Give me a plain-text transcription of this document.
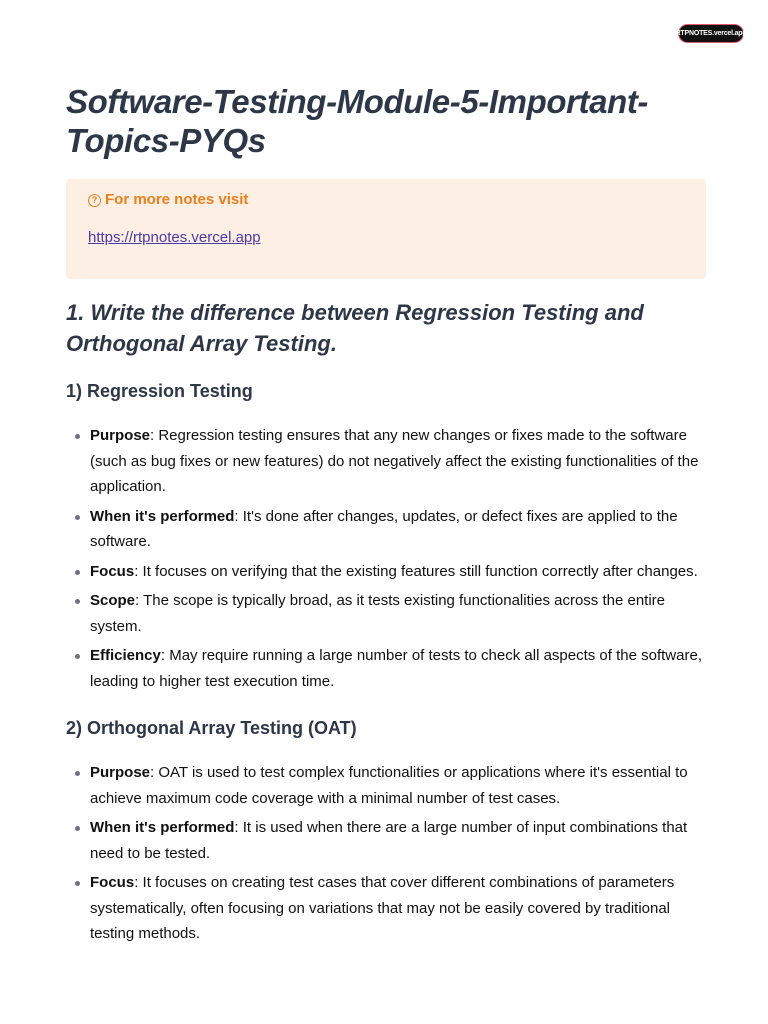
RTPNOTES.vercel.app
Software-Testing-Module-5-Important-Topics-PYQs
? For more notes visit
https://rtpnotes.vercel.app
1. Write the difference between Regression Testing and Orthogonal Array Testing.
1) Regression Testing
Purpose: Regression testing ensures that any new changes or fixes made to the software (such as bug fixes or new features) do not negatively affect the existing functionalities of the application.
When it's performed: It's done after changes, updates, or defect fixes are applied to the software.
Focus: It focuses on verifying that the existing features still function correctly after changes.
Scope: The scope is typically broad, as it tests existing functionalities across the entire system.
Efficiency: May require running a large number of tests to check all aspects of the software, leading to higher test execution time.
2) Orthogonal Array Testing (OAT)
Purpose: OAT is used to test complex functionalities or applications where it's essential to achieve maximum code coverage with a minimal number of test cases.
When it's performed: It is used when there are a large number of input combinations that need to be tested.
Focus: It focuses on creating test cases that cover different combinations of parameters systematically, often focusing on variations that may not be easily covered by traditional testing methods.
